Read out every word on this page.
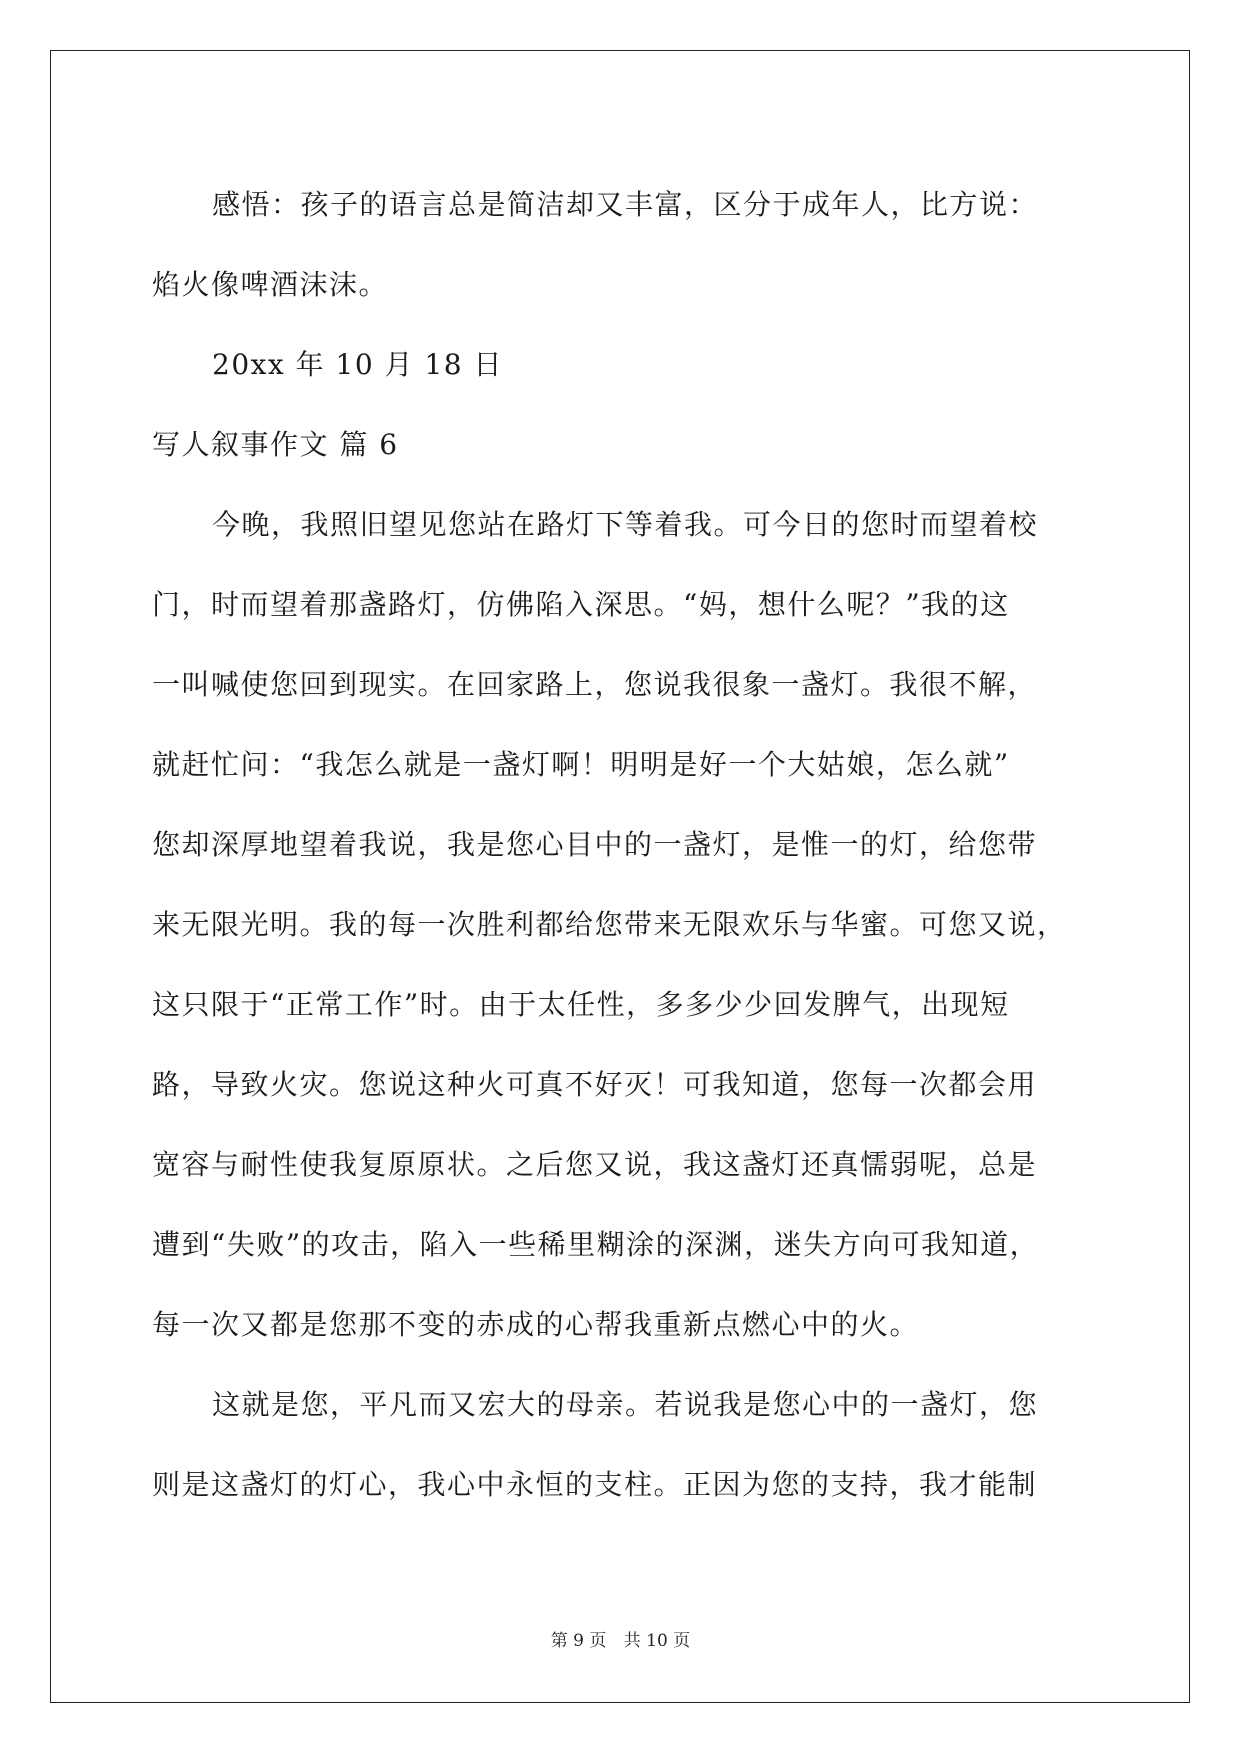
感悟：孩子的语言总是简洁却又丰富，区分于成年人，比方说：
焰火像啤酒沫沫。
20xx 年 10 月 18 日
写人叙事作文 篇 6
今晚，我照旧望见您站在路灯下等着我。可今日的您时而望着校
门，时而望着那盏路灯，仿佛陷入深思。“妈，想什么呢？”我的这
一叫喊使您回到现实。在回家路上，您说我很象一盏灯。我很不解，
就赶忙问：“我怎么就是一盏灯啊！明明是好一个大姑娘，怎么就”
您却深厚地望着我说，我是您心目中的一盏灯，是惟一的灯，给您带
来无限光明。我的每一次胜利都给您带来无限欢乐与华蜜。可您又说，
这只限于“正常工作”时。由于太任性，多多少少回发脾气，出现短
路，导致火灾。您说这种火可真不好灭！可我知道，您每一次都会用
宽容与耐性使我复原原状。之后您又说，我这盏灯还真懦弱呢，总是
遭到“失败”的攻击，陷入一些稀里糊涂的深渊，迷失方向可我知道，
每一次又都是您那不变的赤成的心帮我重新点燃心中的火。
这就是您，平凡而又宏大的母亲。若说我是您心中的一盏灯，您
则是这盏灯的灯心，我心中永恒的支柱。正因为您的支持，我才能制
第 9 页 共 10 页
